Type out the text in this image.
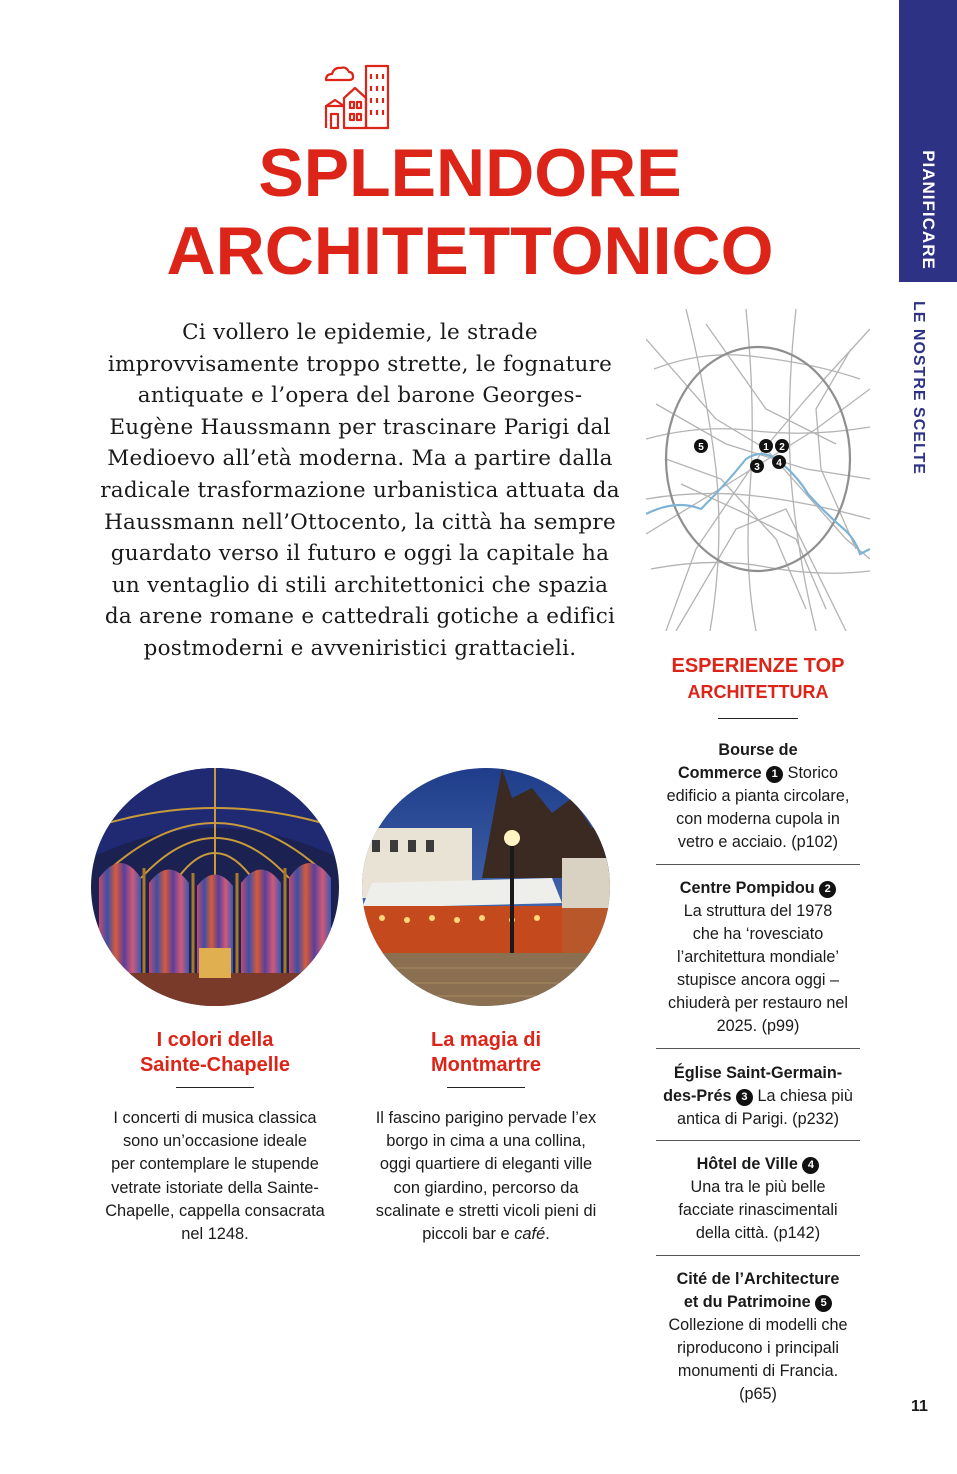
PIANIFICARE
LE NOSTRE SCELTE
SPLENDORE
ARCHITETTONICO

Ci vollero le epidemie, le strade
improvvisamente troppo strette, le fognature
antiquate e l’opera del barone Georges-
Eugène Haussmann per trascinare Parigi dal
Medioevo all’età moderna. Ma a partire dalla
radicale trasformazione urbanistica attuata da
Haussmann nell’Ottocento, la città ha sempre
guardato verso il futuro e oggi la capitale ha
un ventaglio di stili architettonici che spazia
da arene romane e cattedrali gotiche a edifici
postmoderni e avveniristici grattacieli.

5	1 2
3 4

I colori della
Sainte-Chapelle

I concerti di musica classica
sono un’occasione ideale
per contemplare le stupende
vetrate istoriate della Sainte-
Chapelle, cappella consacrata
nel 1248.

La magia di
Montmartre

Il fascino parigino pervade l’ex
borgo in cima a una collina,
oggi quartiere di eleganti ville
con giardino, percorso da
scalinate e stretti vicoli pieni di
piccoli bar e café.

ESPERIENZE TOP

ARCHITETTURA

Bourse de
Commerce 1 Storico
edificio a pianta circolare,
con moderna cupola in
vetro e acciaio. (p102)

Centre Pompidou 2
La struttura del 1978
che ha ‘rovesciato
l’architettura mondiale’
stupisce ancora oggi –
chiuderà per restauro nel
2025. (p99)

Église Saint-Germain-
des-Prés 3 La chiesa più
antica di Parigi. (p232)

Hôtel de Ville 4
Una tra le più belle
facciate rinascimentali
della città. (p142)

Cité de l’Architecture
et du Patrimoine 5
Collezione di modelli che
riproducono i principali
monumenti di Francia.
(p65)

11
